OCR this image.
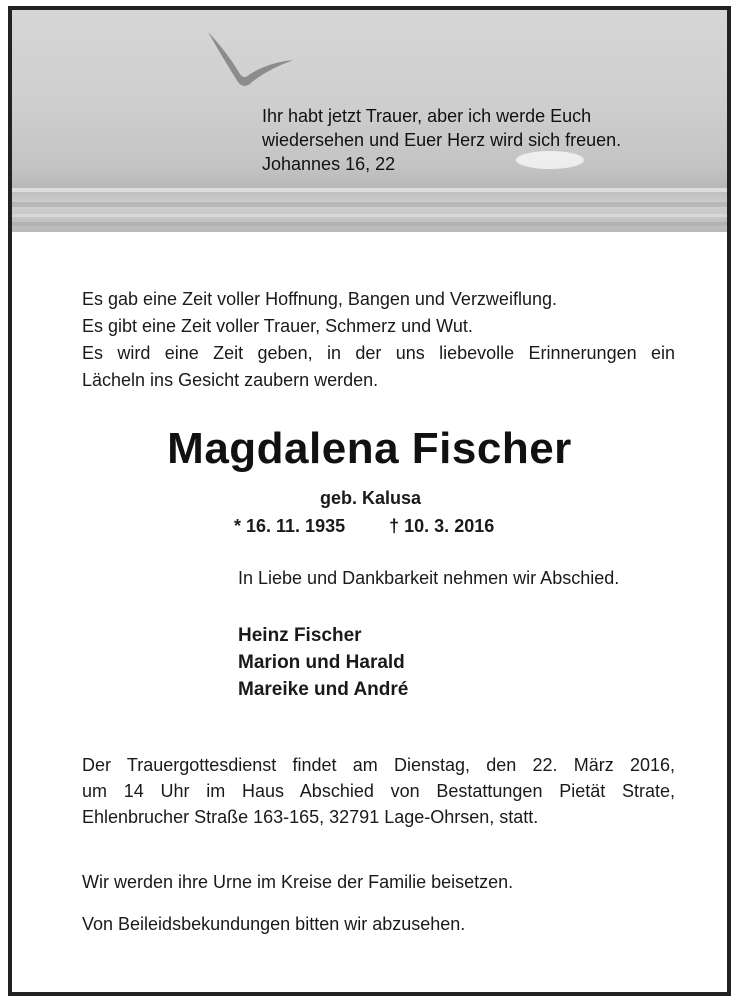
Ihr habt jetzt Trauer, aber ich werde Euch
wiedersehen und Euer Herz wird sich freuen.
Johannes 16, 22
Es gab eine Zeit voller Hoffnung, Bangen und Verzweiflung.
Es gibt eine Zeit voller Trauer, Schmerz und Wut.
Es wird eine Zeit geben, in der uns liebevolle Erinnerungen ein
Lächeln ins Gesicht zaubern werden.
Magdalena Fischer
geb. Kalusa
* 16. 11. 1935 † 10. 3. 2016
In Liebe und Dankbarkeit nehmen wir Abschied.
Heinz Fischer
Marion und Harald
Mareike und André
Der Trauergottesdienst findet am Dienstag, den 22. März 2016,
um 14 Uhr im Haus Abschied von Bestattungen Pietät Strate,
Ehlenbrucher Straße 163-165, 32791 Lage-Ohrsen, statt.
Wir werden ihre Urne im Kreise der Familie beisetzen.
Von Beileidsbekundungen bitten wir abzusehen.
